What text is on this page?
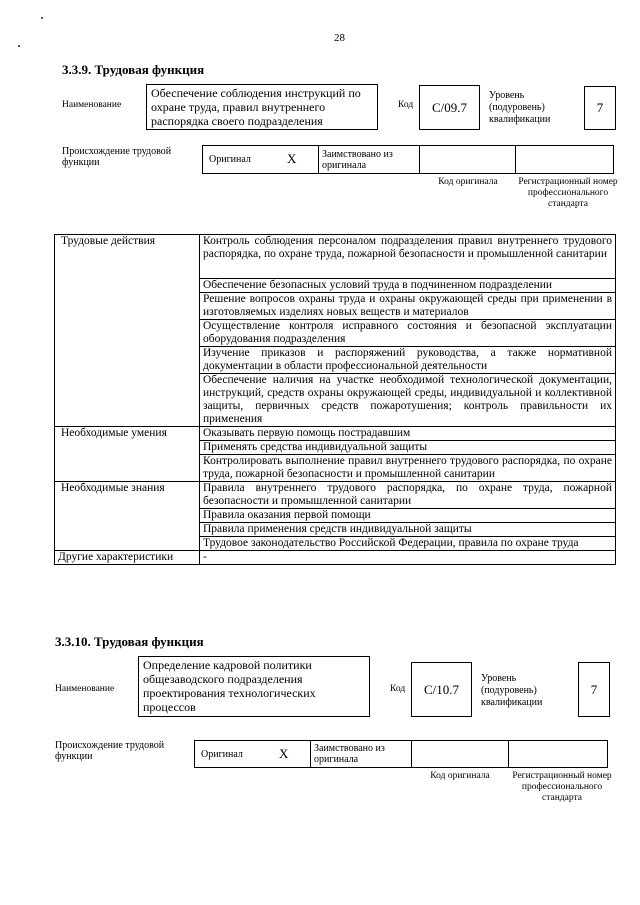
28
3.3.9. Трудовая функция
Наименование
Обеспечение соблюдения инструкций по охране труда, правил внутреннего распорядка своего подразделения
Код	С/09.7
Уровень (подуровень) квалификации
7
Происхождение трудовой функции	Оригинал	X	Заимствовано из оригинала
Код оригинала	Регистрационный номер профессионального стандарта
Трудовые действия	Контроль соблюдения персоналом подразделения правил внутреннего трудового распорядка, по охране труда, пожарной безопасности и промышленной санитарии
	Обеспечение безопасных условий труда в подчиненном подразделении
	Решение вопросов охраны труда и охраны окружающей среды при применении в изготовляемых изделиях новых веществ и материалов
	Осуществление контроля исправного состояния и безопасной эксплуатации оборудования подразделения
	Изучение приказов и распоряжений руководства, а также нормативной документации в области профессиональной деятельности
	Обеспечение наличия на участке необходимой технологической документации, инструкций, средств охраны окружающей среды, индивидуальной и коллективной защиты, первичных средств пожаротушения; контроль правильности их применения
Необходимые умения	Оказывать первую помощь пострадавшим
	Применять средства индивидуальной защиты
	Контролировать выполнение правил внутреннего трудового распорядка, по охране труда, пожарной безопасности и промышленной санитарии
Необходимые знания	Правила внутреннего трудового распорядка, по охране труда, пожарной безопасности и промышленной санитарии
	Правила оказания первой помощи
	Правила применения средств индивидуальной защиты
	Трудовое законодательство Российской Федерации, правила по охране труда
Другие характеристики	-
3.3.10. Трудовая функция
Наименование
Определение кадровой политики общезаводского подразделения проектирования технологических процессов
Код	С/10.7
Уровень (подуровень) квалификации
7
Происхождение трудовой функции	Оригинал	X	Заимствовано из оригинала
Код оригинала	Регистрационный номер профессионального стандарта
